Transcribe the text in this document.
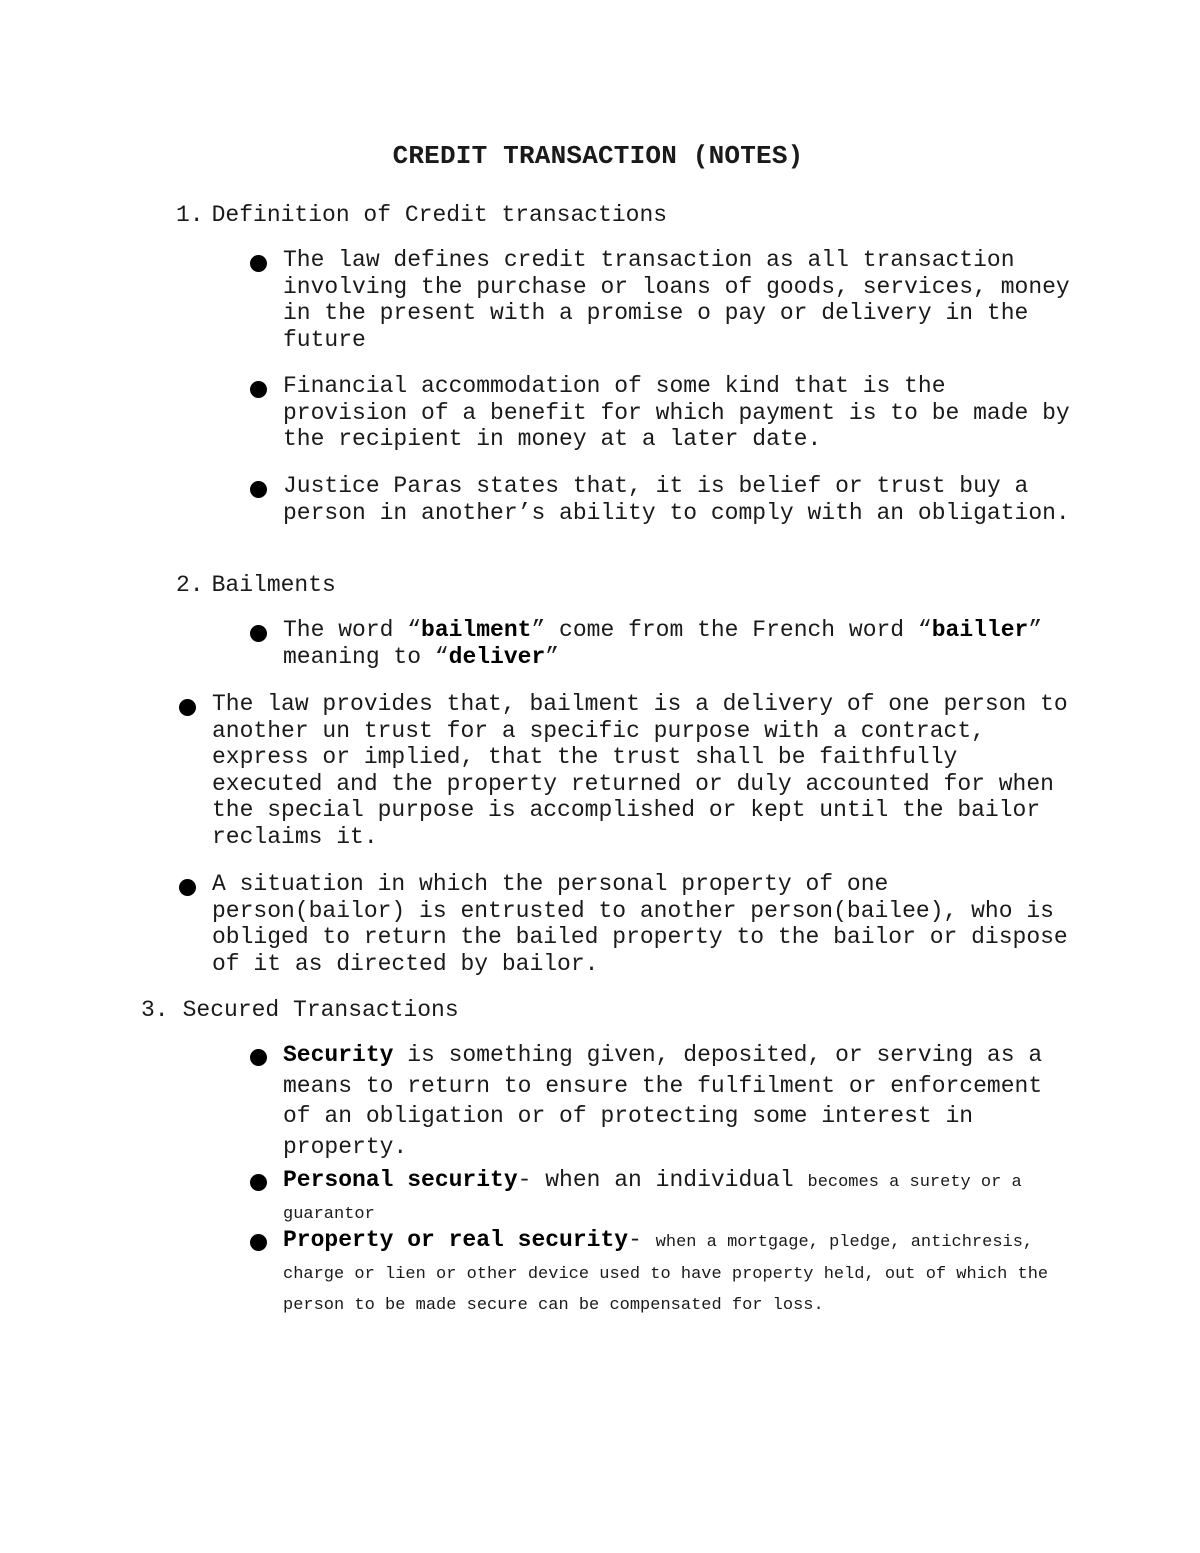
CREDIT TRANSACTION (NOTES)
1. Definition of Credit transactions
The law defines credit transaction as all transaction involving the purchase or loans of goods, services, money in the present with a promise o pay or delivery in the future
Financial accommodation of some kind that is the provision of a benefit for which payment is to be made by the recipient in money at a later date.
Justice Paras states that, it is belief or trust buy a person in another’s ability to comply with an obligation.
2. Bailments
The word “bailment” come from the French word “bailler” meaning to “deliver”
The law provides that, bailment is a delivery of one person to another un trust for a specific purpose with a contract, express or implied, that the trust shall be faithfully executed and the property returned or duly accounted for when the special purpose is accomplished or kept until the bailor reclaims it.
A situation in which the personal property of one person(bailor) is entrusted to another person(bailee), who is obliged to return the bailed property to the bailor or dispose of it as directed by bailor.
3. Secured Transactions
Security is something given, deposited, or serving as a means to return to ensure the fulfilment or enforcement of an obligation or of protecting some interest in property.
Personal security- when an individual becomes a surety or a guarantor
Property or real security- when a mortgage, pledge, antichresis, charge or lien or other device used to have property held, out of which the person to be made secure can be compensated for loss.
